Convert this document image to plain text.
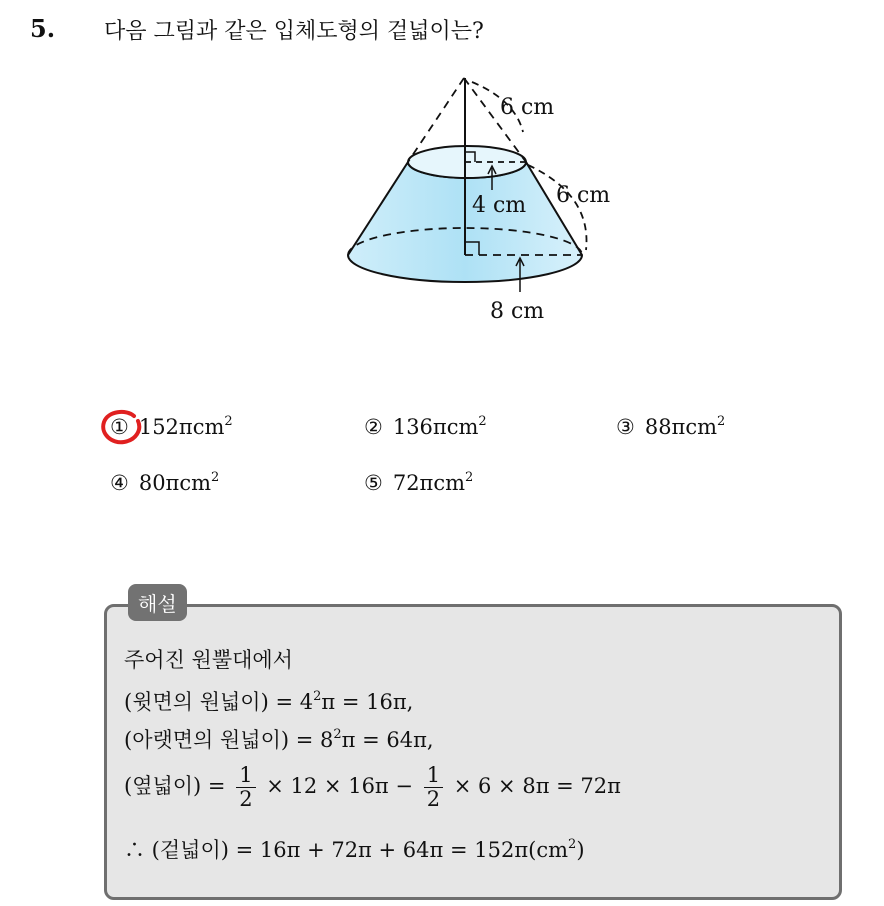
5. 다음 그림과 같은 입체도형의 겉넓이는?
6 cm
6 cm
4 cm
8 cm
① 152πcm$^2$	② 136πcm$^2$	③ 88πcm$^2$
④ 80πcm$^2$	⑤ 72πcm$^2$
해설
주어진 원뿔대에서
(윗면의 원넓이) = $4^2\pi = 16\pi$,
(아랫면의 원넓이) = $8^2\pi = 64\pi$,
(옆넓이) = $\frac{1}{2} \times 12 \times 16\pi - \frac{1}{2} \times 6 \times 8\pi = 72\pi$
∴ (겉넓이) = $16\pi + 72\pi + 64\pi = 152\pi(cm^2)$
